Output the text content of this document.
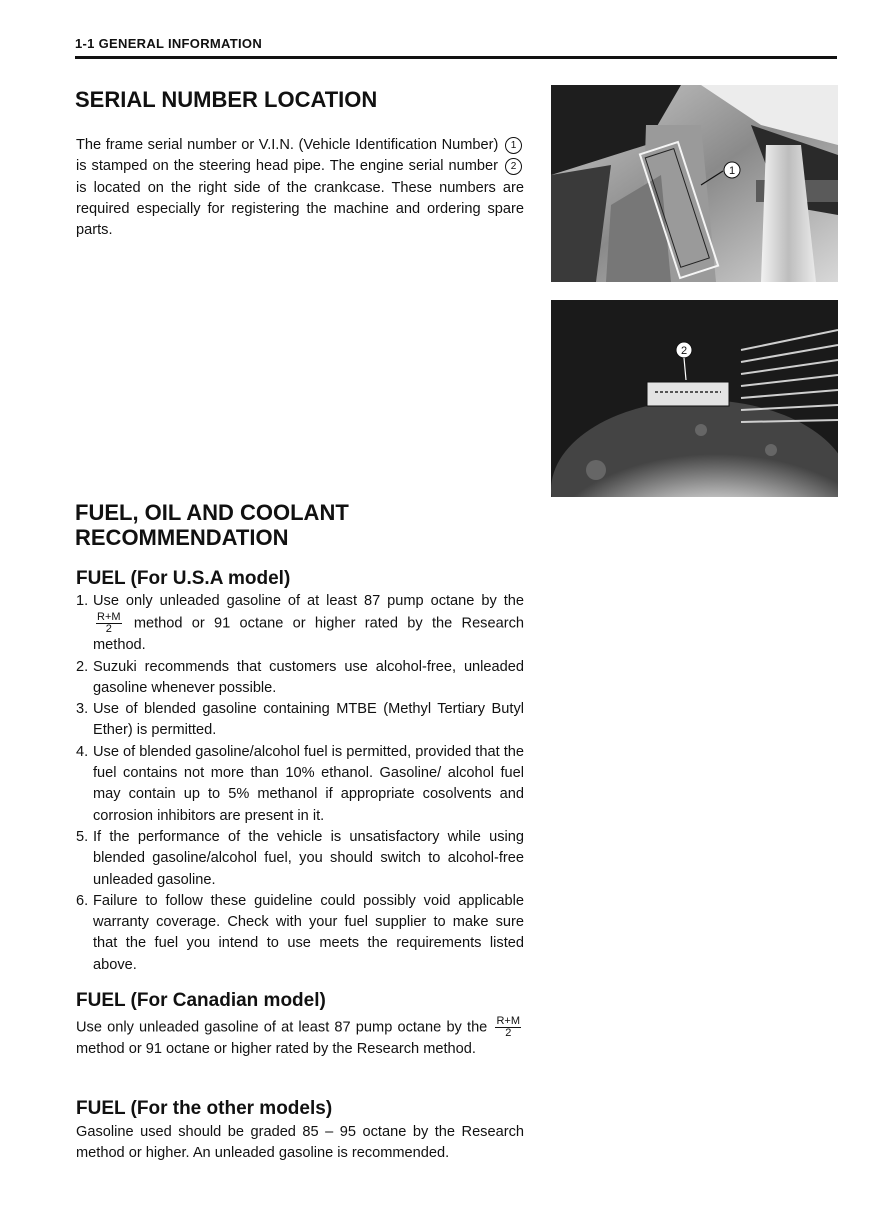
1-1 GENERAL INFORMATION
SERIAL NUMBER LOCATION

The frame serial number or V.I.N. (Vehicle Identification Number) 1 is stamped on the steering head pipe. The engine serial number 2 is located on the right side of the crankcase. These numbers are required especially for registering the machine and ordering spare parts.

1
2
FUEL, OIL AND COOLANT
RECOMMENDATION
FUEL (For U.S.A model)
1. Use only unleaded gasoline of at least 87 pump octane by the
$\frac{R+M}{2}$ method or 91 octane or higher rated by the Research method.
2. Suzuki recommends that customers use alcohol-free, unleaded gasoline whenever possible.
3. Use of blended gasoline containing MTBE (Methyl Tertiary Butyl Ether) is permitted.
4. Use of blended gasoline/alcohol fuel is permitted, provided that the fuel contains not more than 10% ethanol. Gasoline/ alcohol fuel may contain up to 5% methanol if appropriate cosolvents and corrosion inhibitors are present in it.
5. If the performance of the vehicle is unsatisfactory while using blended gasoline/alcohol fuel, you should switch to alcohol-free unleaded gasoline.
6. Failure to follow these guideline could possibly void applicable warranty coverage. Check with your fuel supplier to make sure that the fuel you intend to use meets the requirements listed above.
FUEL (For Canadian model)

Use only unleaded gasoline of at least 87 pump octane by the $\frac{R+M}{2}$
method or 91 octane or higher rated by the Research method.

FUEL (For the other models)

Gasoline used should be graded 85 – 95 octane by the Research method or higher. An unleaded gasoline is recommended.
